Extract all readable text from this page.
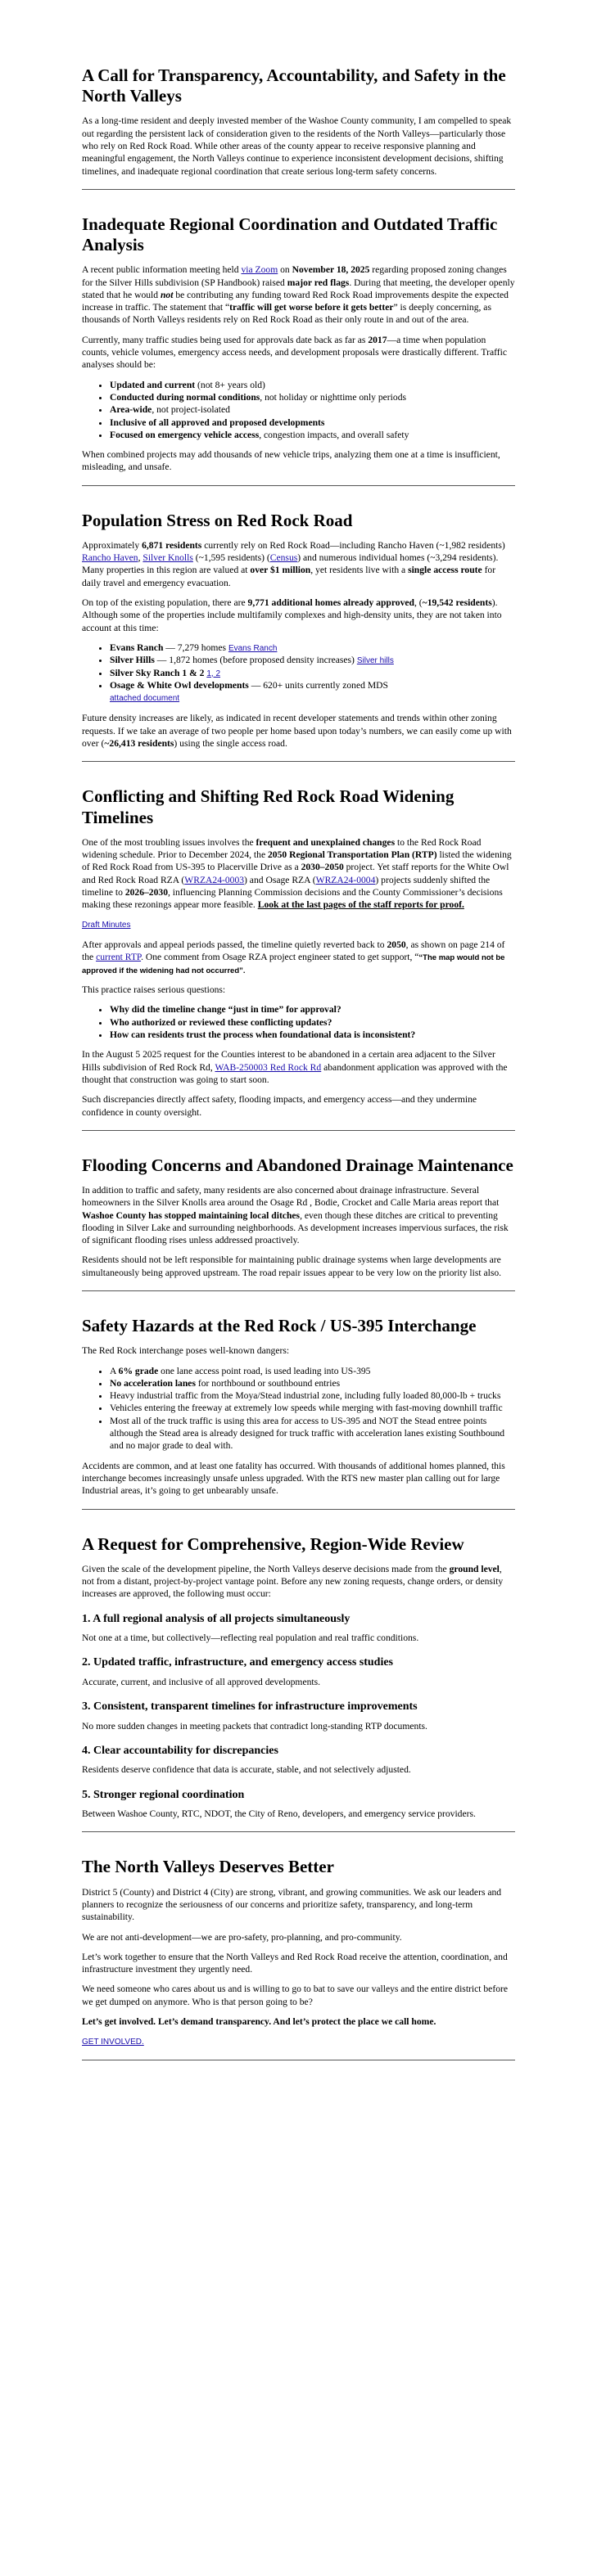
A Call for Transparency, Accountability, and Safety in the North Valleys

As a long-time resident and deeply invested member of the Washoe County community, I am compelled to speak out regarding the persistent lack of consideration given to the residents of the North Valleys—particularly those who rely on Red Rock Road. While other areas of the county appear to receive responsive planning and meaningful engagement, the North Valleys continue to experience inconsistent development decisions, shifting timelines, and inadequate regional coordination that create serious long-term safety concerns.

Inadequate Regional Coordination and Outdated Traffic Analysis

A recent public information meeting held via Zoom on November 18, 2025 regarding proposed zoning changes for the Silver Hills subdivision (SP Handbook) raised major red flags. During that meeting, the developer openly stated that he would not be contributing any funding toward Red Rock Road improvements despite the expected increase in traffic. The statement that “traffic will get worse before it gets better” is deeply concerning, as thousands of North Valleys residents rely on Red Rock Road as their only route in and out of the area.

Currently, many traffic studies being used for approvals date back as far as 2017—a time when population counts, vehicle volumes, emergency access needs, and development proposals were drastically different. Traffic analyses should be:

• Updated and current (not 8+ years old)
• Conducted during normal conditions, not holiday or nighttime only periods
• Area-wide, not project-isolated
• Inclusive of all approved and proposed developments
• Focused on emergency vehicle access, congestion impacts, and overall safety

When combined projects may add thousands of new vehicle trips, analyzing them one at a time is insufficient, misleading, and unsafe.

Population Stress on Red Rock Road

Approximately 6,871 residents currently rely on Red Rock Road—including Rancho Haven (~1,982 residents) Rancho Haven, Silver Knolls (~1,595 residents) (Census) and numerous individual homes (~3,294 residents). Many properties in this region are valued at over $1 million, yet residents live with a single access route for daily travel and emergency evacuation.

On top of the existing population, there are 9,771 additional homes already approved, (~19,542 residents). Although some of the properties include multifamily complexes and high-density units, they are not taken into account at this time:

• Evans Ranch — 7,279 homes Evans Ranch
• Silver Hills — 1,872 homes (before proposed density increases) Silver hills
• Silver Sky Ranch 1 & 2 1, 2
• Osage & White Owl developments — 620+ units currently zoned MDS
attached document

Future density increases are likely, as indicated in recent developer statements and trends within other zoning requests. If we take an average of two people per home based upon today’s numbers, we can easily come up with over (~26,413 residents) using the single access road.

Conflicting and Shifting Red Rock Road Widening Timelines

One of the most troubling issues involves the frequent and unexplained changes to the Red Rock Road widening schedule. Prior to December 2024, the 2050 Regional Transportation Plan (RTP) listed the widening of Red Rock Road from US-395 to Placerville Drive as a 2030–2050 project. Yet staff reports for the White Owl and Red Rock Road RZA (WRZA24-0003) and Osage RZA (WRZA24-0004) projects suddenly shifted the timeline to 2026–2030, influencing Planning Commission decisions and the County Commissioner’s decisions making these rezonings appear more feasible. Look at the last pages of the staff reports for proof.

Draft Minutes

After approvals and appeal periods passed, the timeline quietly reverted back to 2050, as shown on page 214 of the current RTP. One comment from Osage RZA project engineer stated to get support, ““The map would not be approved if the widening had not occurred”.

This practice raises serious questions:

• Why did the timeline change “just in time” for approval?
• Who authorized or reviewed these conflicting updates?
• How can residents trust the process when foundational data is inconsistent?

In the August 5 2025 request for the Counties interest to be abandoned in a certain area adjacent to the Silver Hills subdivision of Red Rock Rd, WAB-250003 Red Rock Rd abandonment application was approved with the thought that construction was going to start soon.

Such discrepancies directly affect safety, flooding impacts, and emergency access—and they undermine confidence in county oversight.

Flooding Concerns and Abandoned Drainage Maintenance

In addition to traffic and safety, many residents are also concerned about drainage infrastructure. Several homeowners in the Silver Knolls area around the Osage Rd , Bodie, Crocket and Calle Maria areas report that Washoe County has stopped maintaining local ditches, even though these ditches are critical to preventing flooding in Silver Lake and surrounding neighborhoods. As development increases impervious surfaces, the risk of significant flooding rises unless addressed proactively.

Residents should not be left responsible for maintaining public drainage systems when large developments are simultaneously being approved upstream. The road repair issues appear to be very low on the priority list also.

Safety Hazards at the Red Rock / US-395 Interchange

The Red Rock interchange poses well-known dangers:

• A 6% grade one lane access point road, is used leading into US-395
• No acceleration lanes for northbound or southbound entries
• Heavy industrial traffic from the Moya/Stead industrial zone, including fully loaded 80,000-lb + trucks
• Vehicles entering the freeway at extremely low speeds while merging with fast-moving downhill traffic
• Most all of the truck traffic is using this area for access to US-395 and NOT the Stead entree points although the Stead area is already designed for truck traffic with acceleration lanes existing Southbound and no major grade to deal with.

Accidents are common, and at least one fatality has occurred. With thousands of additional homes planned, this interchange becomes increasingly unsafe unless upgraded. With the RTS new master plan calling out for large Industrial areas, it’s going to get unbearably unsafe.

A Request for Comprehensive, Region-Wide Review

Given the scale of the development pipeline, the North Valleys deserve decisions made from the ground level, not from a distant, project-by-project vantage point. Before any new zoning requests, change orders, or density increases are approved, the following must occur:

1. A full regional analysis of all projects simultaneously

Not one at a time, but collectively—reflecting real population and real traffic conditions.

2. Updated traffic, infrastructure, and emergency access studies

Accurate, current, and inclusive of all approved developments.

3. Consistent, transparent timelines for infrastructure improvements

No more sudden changes in meeting packets that contradict long-standing RTP documents.

4. Clear accountability for discrepancies

Residents deserve confidence that data is accurate, stable, and not selectively adjusted.

5. Stronger regional coordination

Between Washoe County, RTC, NDOT, the City of Reno, developers, and emergency service providers.

The North Valleys Deserves Better

District 5 (County) and District 4 (City) are strong, vibrant, and growing communities. We ask our leaders and planners to recognize the seriousness of our concerns and prioritize safety, transparency, and long-term sustainability.

We are not anti-development—we are pro-safety, pro-planning, and pro-community.

Let’s work together to ensure that the North Valleys and Red Rock Road receive the attention, coordination, and infrastructure investment they urgently need.

We need someone who cares about us and is willing to go to bat to save our valleys and the entire district before we get dumped on anymore. Who is that person going to be?

Let’s get involved. Let’s demand transparency. And let’s protect the place we call home.

GET INVOLVED.
